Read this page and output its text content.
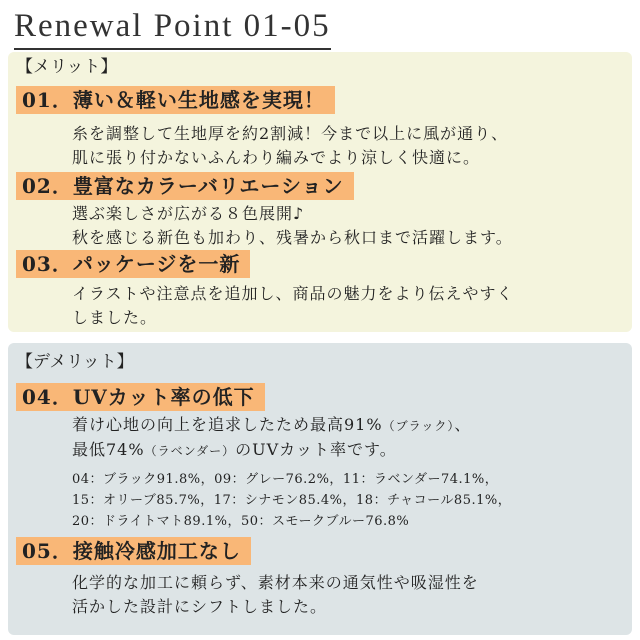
Renewal Point 01-05
【メリット】
01．薄い＆軽い生地感を実現！
糸を調整して生地厚を約2割減！今まで以上に風が通り、
肌に張り付かないふんわり編みでより涼しく快適に。
02．豊富なカラーバリエーション
選ぶ楽しさが広がる８色展開♪
秋を感じる新色も加わり、残暑から秋口まで活躍します。
03．パッケージを一新
イラストや注意点を追加し、商品の魅力をより伝えやすく
しました。
【デメリット】
04．UVカット率の低下
着け心地の向上を追求したため最高91%（ブラック）、
最低74%（ラベンダー）のUVカット率です。
04：ブラック91.8%，09：グレー76.2%，11：ラベンダー74.1%，
15：オリーブ85.7%，17：シナモン85.4%，18：チャコール85.1%，
20：ドライトマト89.1%，50：スモークブルー76.8%
05．接触冷感加工なし
化学的な加工に頼らず、素材本来の通気性や吸湿性を
活かした設計にシフトしました。
